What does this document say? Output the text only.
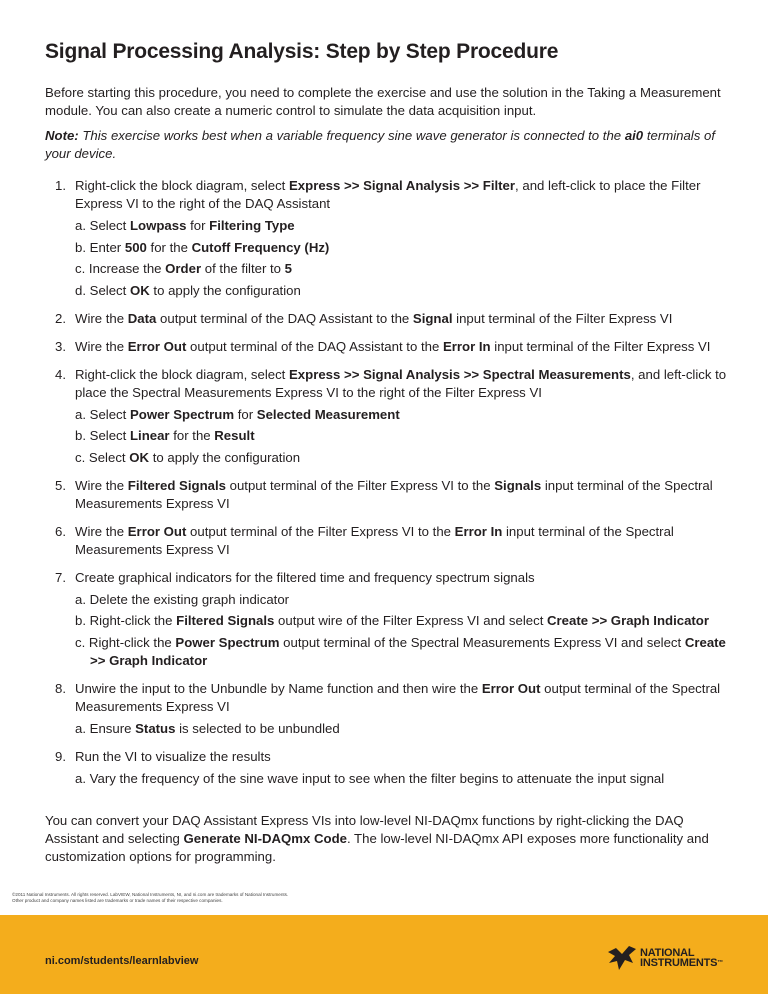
Signal Processing Analysis: Step by Step Procedure

Before starting this procedure, you need to complete the exercise and use the solution in the Taking a Measurement module. You can also create a numeric control to simulate the data acquisition input.

Note: This exercise works best when a variable frequency sine wave generator is connected to the ai0 terminals of your device.

1. Right-click the block diagram, select Express >> Signal Analysis >> Filter, and left-click to place the Filter Express VI to the right of the DAQ Assistant
a. Select Lowpass for Filtering Type
b. Enter 500 for the Cutoff Frequency (Hz)
c. Increase the Order of the filter to 5
d. Select OK to apply the configuration
2. Wire the Data output terminal of the DAQ Assistant to the Signal input terminal of the Filter Express VI
3. Wire the Error Out output terminal of the DAQ Assistant to the Error In input terminal of the Filter Express VI
4. Right-click the block diagram, select Express >> Signal Analysis >> Spectral Measurements, and left-click to place the Spectral Measurements Express VI to the right of the Filter Express VI
a. Select Power Spectrum for Selected Measurement
b. Select Linear for the Result
c. Select OK to apply the configuration
5. Wire the Filtered Signals output terminal of the Filter Express VI to the Signals input terminal of the Spectral Measurements Express VI
6. Wire the Error Out output terminal of the Filter Express VI to the Error In input terminal of the Spectral Measurements Express VI
7. Create graphical indicators for the filtered time and frequency spectrum signals
a. Delete the existing graph indicator
b. Right-click the Filtered Signals output wire of the Filter Express VI and select Create >> Graph Indicator
c. Right-click the Power Spectrum output terminal of the Spectral Measurements Express VI and select Create >> Graph Indicator
8. Unwire the input to the Unbundle by Name function and then wire the Error Out output terminal of the Spectral Measurements Express VI
a. Ensure Status is selected to be unbundled
9. Run the VI to visualize the results
a. Vary the frequency of the sine wave input to see when the filter begins to attenuate the input signal

You can convert your DAQ Assistant Express VIs into low-level NI-DAQmx functions by right-clicking the DAQ Assistant and selecting Generate NI-DAQmx Code. The low-level NI-DAQmx API exposes more functionality and customization options for programming.

©2011 National Instruments. All rights reserved. LabVIEW, National Instruments, NI, and ni.com are trademarks of National Instruments.
Other product and company names listed are trademarks or trade names of their respective companies.
ni.com/students/learnlabview
NATIONAL
INSTRUMENTS™
